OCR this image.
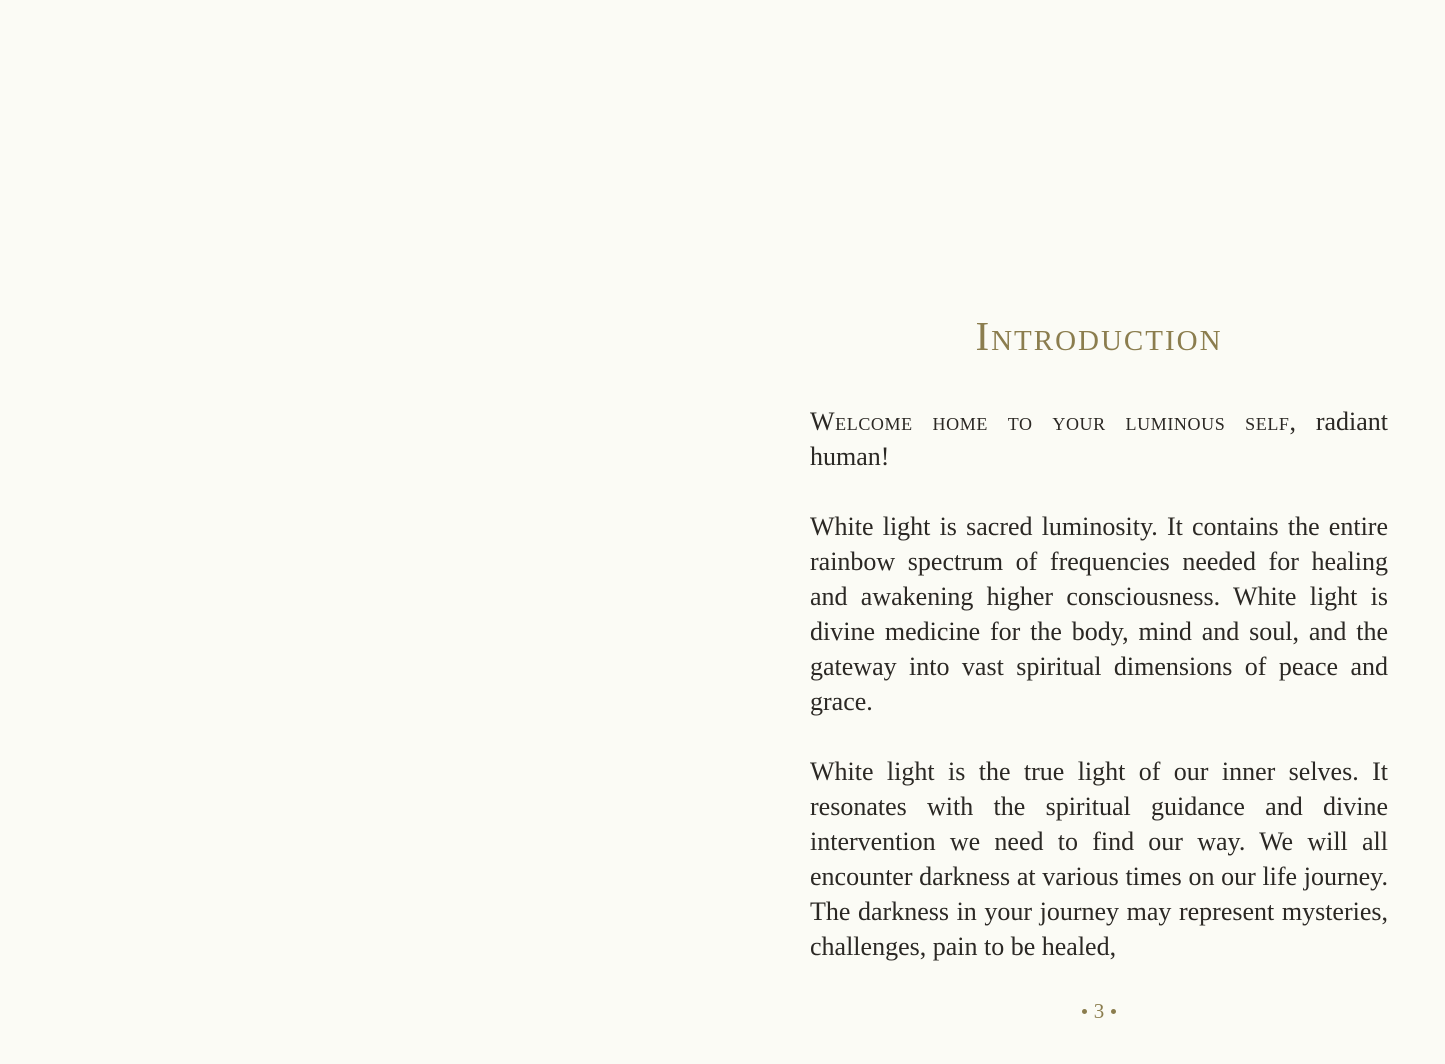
Introduction

Welcome home to your luminous self, radiant human!

White light is sacred luminosity. It contains the entire rainbow spectrum of frequencies needed for healing and awakening higher consciousness. White light is divine medicine for the body, mind and soul, and the gateway into vast spiritual dimensions of peace and grace.

White light is the true light of our inner selves. It resonates with the spiritual guidance and divine intervention we need to find our way. We will all encounter darkness at various times on our life journey. The darkness in your journey may represent mysteries, challenges, pain to be healed,

3
